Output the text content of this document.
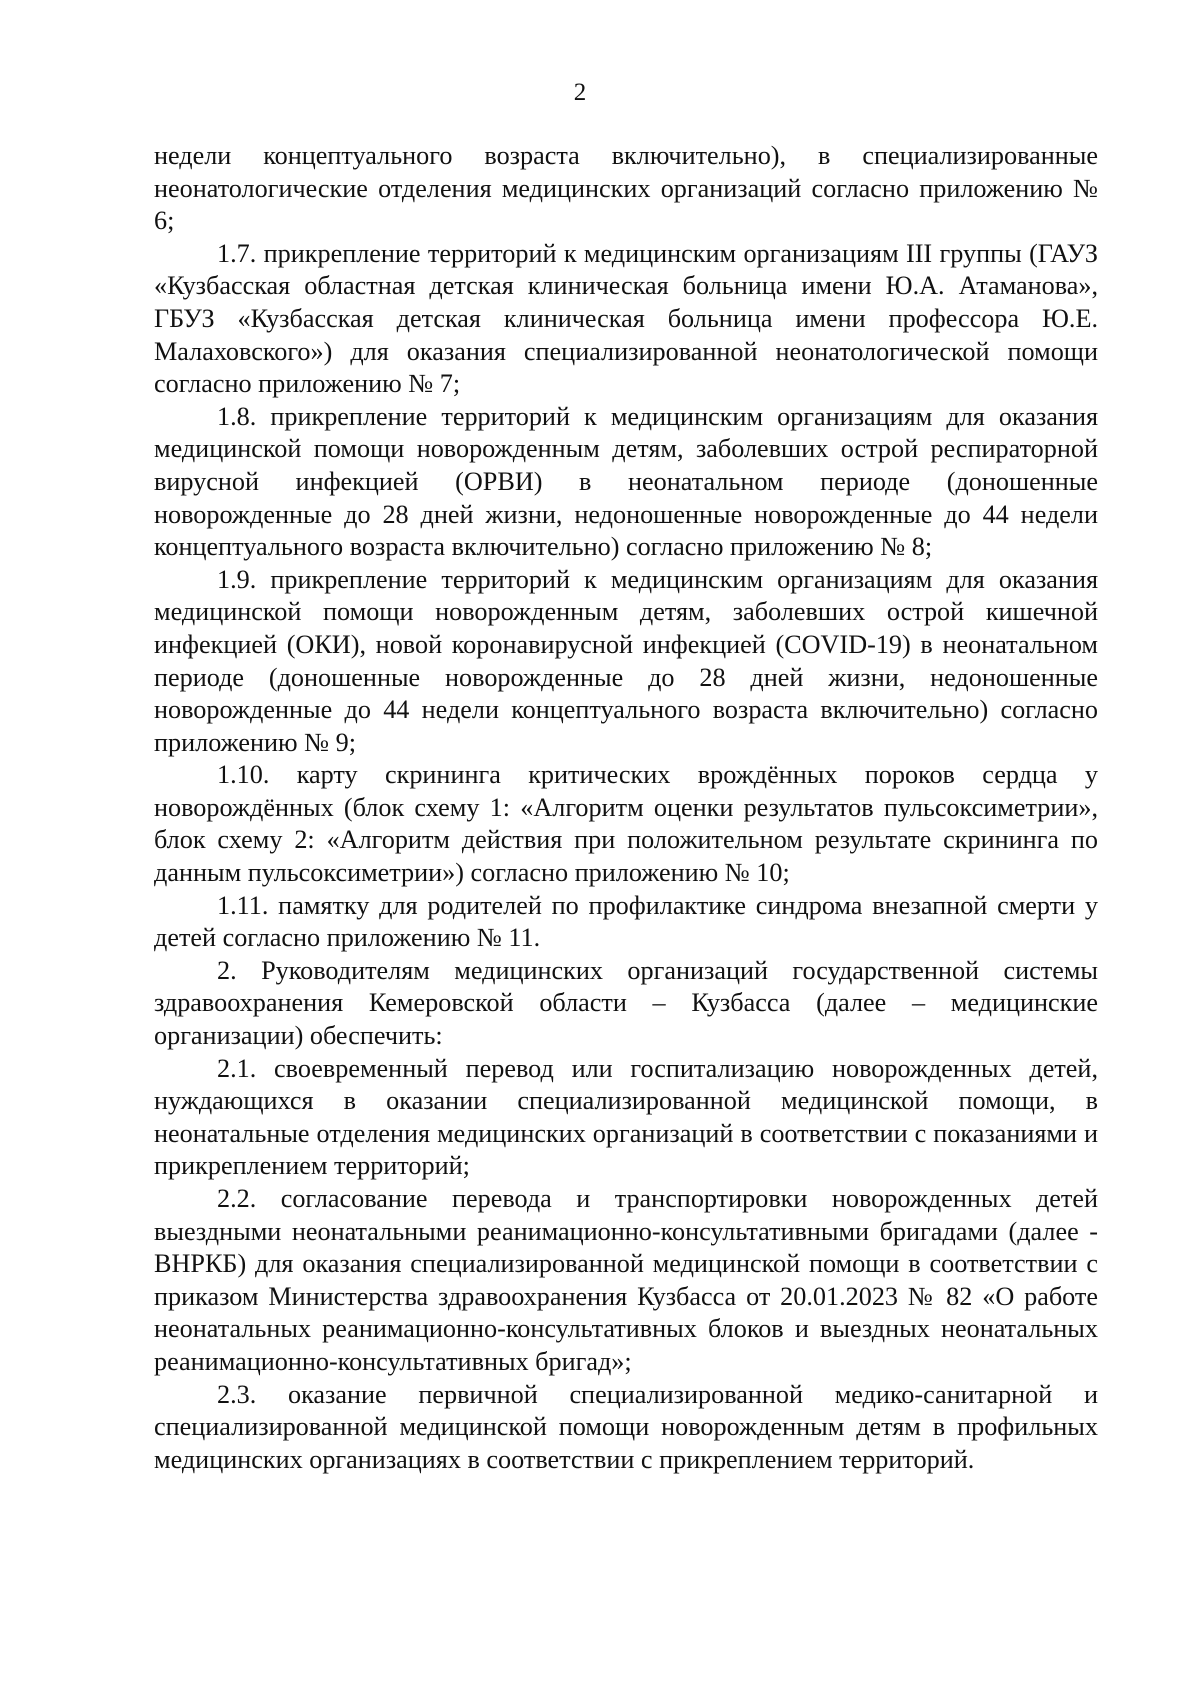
2

недели концептуального возраста включительно), в специализированные неонатологические отделения медицинских организаций согласно приложению № 6;

1.7. прикрепление территорий к медицинским организациям III группы (ГАУЗ «Кузбасская областная детская клиническая больница имени Ю.А. Атаманова», ГБУЗ «Кузбасская детская клиническая больница имени профессора Ю.Е. Малаховского») для оказания специализированной неонатологической помощи согласно приложению № 7;

1.8. прикрепление территорий к медицинским организациям для оказания медицинской помощи новорожденным детям, заболевших острой респираторной вирусной инфекцией (ОРВИ) в неонатальном периоде (доношенные новорожденные до 28 дней жизни, недоношенные новорожденные до 44 недели концептуального возраста включительно) согласно приложению № 8;

1.9. прикрепление территорий к медицинским организациям для оказания медицинской помощи новорожденным детям, заболевших острой кишечной инфекцией (ОКИ), новой коронавирусной инфекцией (COVID-19) в неонатальном периоде (доношенные новорожденные до 28 дней жизни, недоношенные новорожденные до 44 недели концептуального возраста включительно) согласно приложению № 9;

1.10. карту скрининга критических врождённых пороков сердца у новорождённых (блок схему 1: «Алгоритм оценки результатов пульсоксиметрии», блок схему 2: «Алгоритм действия при положительном результате скрининга по данным пульсоксиметрии») согласно приложению № 10;

1.11. памятку для родителей по профилактике синдрома внезапной смерти у детей согласно приложению № 11.

2. Руководителям медицинских организаций государственной системы здравоохранения Кемеровской области – Кузбасса (далее – медицинские организации) обеспечить:

2.1. своевременный перевод или госпитализацию новорожденных детей, нуждающихся в оказании специализированной медицинской помощи, в неонатальные отделения медицинских организаций в соответствии с показаниями и прикреплением территорий;

2.2. согласование перевода и транспортировки новорожденных детей выездными неонатальными реанимационно-консультативными бригадами (далее - ВНРКБ) для оказания специализированной медицинской помощи в соответствии с приказом Министерства здравоохранения Кузбасса от 20.01.2023 № 82 «О работе неонатальных реанимационно-консультативных блоков и выездных неонатальных реанимационно-консультативных бригад»;

2.3. оказание первичной специализированной медико-санитарной и специализированной медицинской помощи новорожденным детям в профильных медицинских организациях в соответствии с прикреплением территорий.
